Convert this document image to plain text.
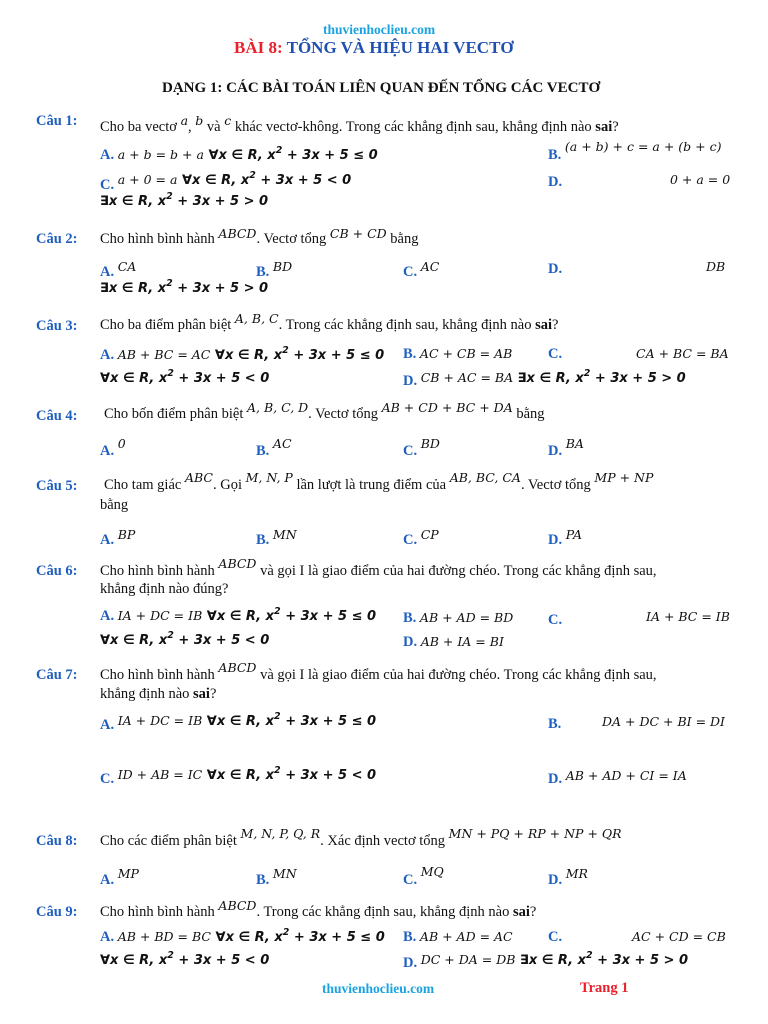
thuvienhoclieu.com
BÀI 8: TỔNG VÀ HIỆU HAI VECTƠ
DẠNG 1: CÁC BÀI TOÁN LIÊN QUAN ĐẾN TỔNG CÁC VECTƠ
Câu 1: Cho ba vectơ a, b và c khác vectơ-không. Trong các khẳng định sau, khẳng định nào sai?
A. a + b = b + a ∀x ∈ R, $x^2 + 3x + 5 \le 0$	B. (a + b) + c = a + (b + c)
C. a + 0 = a ∀x ∈ R, $x^2 + 3x + 5 < 0$
∃x ∈ R, $x^2 + 3x + 5 > 0$
D.	0 + a = 0
Câu 2: Cho hình bình hành ABCD. Vectơ tổng CB + CD bằng
A. CA	B. BD	C. AC	D.	DB
∃x ∈ R, $x^2 + 3x + 5 > 0$
Câu 3: Cho ba điểm phân biệt A, B, C. Trong các khẳng định sau, khẳng định nào sai?
A. AB + BC = AC ∀x ∈ R, $x^2 + 3x + 5 \le 0$ B. AC + CB = AB C.	CA + BC = BA
∀x ∈ R, $x^2 + 3x + 5 < 0$	D. CB + AC = BA ∃x ∈ R, $x^2 + 3x + 5 > 0$
Câu 4: Cho bốn điểm phân biệt A, B, C, D. Vectơ tổng AB + CD + BC + DA bằng
A. 0	B. AC	C. BD	D. BA
Câu 5: Cho tam giác ABC. Gọi M, N, P lần lượt là trung điểm của AB, BC, CA. Vectơ tổng MP + NP
bằng
A. BP	B. MN	C. CP	D. PA
Câu 6: Cho hình bình hành ABCD và gọi I là giao điểm của hai đường chéo. Trong các khẳng định sau,
khẳng định nào đúng?
A. IA + DC = IB ∀x ∈ R, $x^2 + 3x + 5 \le 0$ B. AB + AD = BD C.	IA + BC = IB
∀x ∈ R, $x^2 + 3x + 5 < 0$	D. AB + IA = BI
Câu 7: Cho hình bình hành ABCD và gọi I là giao điểm của hai đường chéo. Trong các khẳng định sau,
khẳng định nào sai?
A. IA + DC = IB ∀x ∈ R, $x^2 + 3x + 5 \le 0$	B.	DA + DC + BI = DI
C. ID + AB = IC ∀x ∈ R, $x^2 + 3x + 5 < 0$	D. AB + AD + CI = IA
Câu 8: Cho các điểm phân biệt M, N, P, Q, R. Xác định vectơ tổng MN + PQ + RP + NP + QR
A. MP	B. MN	C. MQ
D. MR
Câu 9: Cho hình bình hành ABCD. Trong các khẳng định sau, khẳng định nào sai?
A. AB + BD = BC ∀x ∈ R, $x^2 + 3x + 5 \le 0$ B. AB + AD = AC C.	AC + CD = CB
∀x ∈ R, $x^2 + 3x + 5 < 0$	D. DC + DA = DB ∃x ∈ R, $x^2 + 3x + 5 > 0$
thuvienhoclieu.com	Trang 1
